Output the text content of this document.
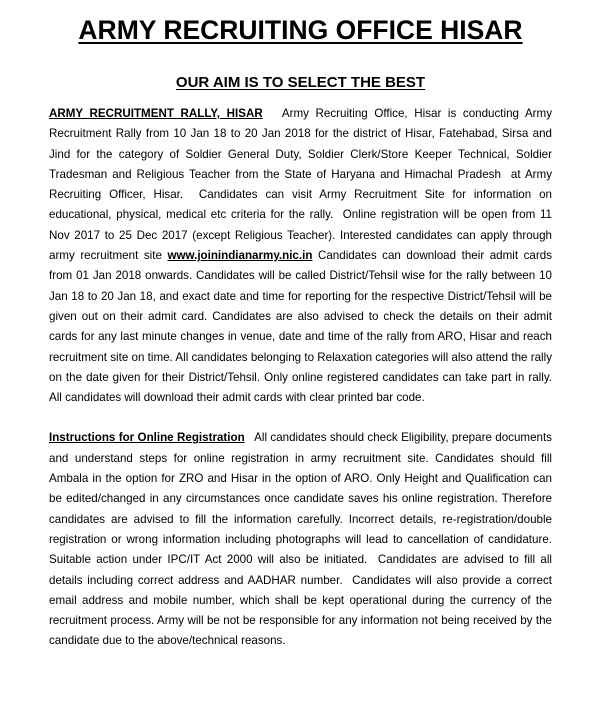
ARMY RECRUITING OFFICE HISAR
OUR AIM IS TO SELECT THE BEST

ARMY RECRUITMENT RALLY, HISAR   Army Recruiting Office, Hisar is conducting Army Recruitment Rally from 10 Jan 18 to 20 Jan 2018 for the district of Hisar, Fatehabad, Sirsa and Jind for the category of Soldier General Duty, Soldier Clerk/Store Keeper Technical, Soldier Tradesman and Religious Teacher from the State of Haryana and Himachal Pradesh  at Army Recruiting Officer, Hisar.  Candidates can visit Army Recruitment Site for information on educational, physical, medical etc criteria for the rally.  Online registration will be open from 11 Nov 2017 to 25 Dec 2017 (except Religious Teacher). Interested candidates can apply through army recruitment site www.joinindianarmy.nic.in Candidates can download their admit cards from 01 Jan 2018 onwards. Candidates will be called District/Tehsil wise for the rally between 10 Jan 18 to 20 Jan 18, and exact date and time for reporting for the respective District/Tehsil will be given out on their admit card. Candidates are also advised to check the details on their admit cards for any last minute changes in venue, date and time of the rally from ARO, Hisar and reach recruitment site on time. All candidates belonging to Relaxation categories will also attend the rally on the date given for their District/Tehsil. Only online registered candidates can take part in rally. All candidates will download their admit cards with clear printed bar code.

Instructions for Online Registration   All candidates should check Eligibility, prepare documents and understand steps for online registration in army recruitment site. Candidates should fill Ambala in the option for ZRO and Hisar in the option of ARO. Only Height and Qualification can be edited/changed in any circumstances once candidate saves his online registration. Therefore candidates are advised to fill the information carefully. Incorrect details, re-registration/double registration or wrong information including photographs will lead to cancellation of candidature. Suitable action under IPC/IT Act 2000 will also be initiated.  Candidates are advised to fill all details including correct address and AADHAR number.  Candidates will also provide a correct email address and mobile number, which shall be kept operational during the currency of the recruitment process. Army will be not be responsible for any information not being received by the candidate due to the above/technical reasons.
